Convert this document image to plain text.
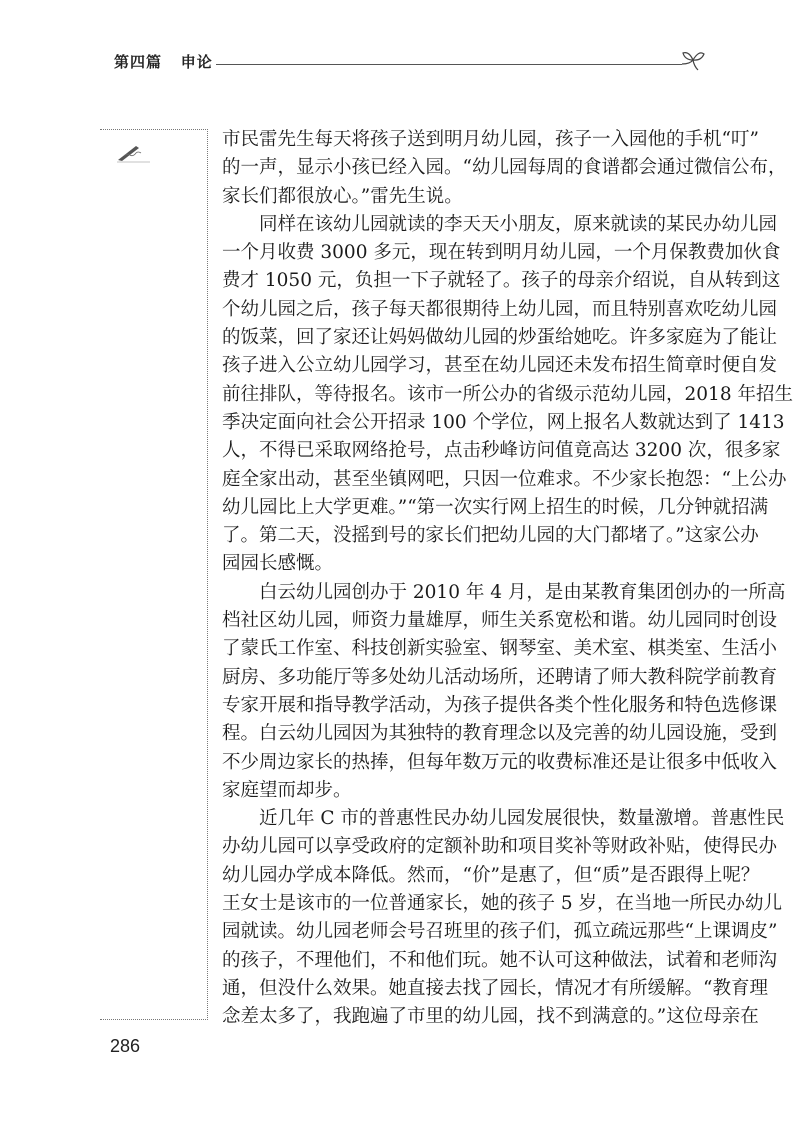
第四篇 申论
市民雷先生每天将孩子送到明月幼儿园，孩子一入园他的手机“叮”
的一声，显示小孩已经入园。“幼儿园每周的食谱都会通过微信公布，
家长们都很放心。”雷先生说。
同样在该幼儿园就读的李天天小朋友，原来就读的某民办幼儿园
一个月收费 3000 多元，现在转到明月幼儿园，一个月保教费加伙食
费才 1050 元，负担一下子就轻了。孩子的母亲介绍说，自从转到这
个幼儿园之后，孩子每天都很期待上幼儿园，而且特别喜欢吃幼儿园
的饭菜，回了家还让妈妈做幼儿园的炒蛋给她吃。许多家庭为了能让
孩子进入公立幼儿园学习，甚至在幼儿园还未发布招生简章时便自发
前往排队，等待报名。该市一所公办的省级示范幼儿园，2018 年招生
季决定面向社会公开招录 100 个学位，网上报名人数就达到了 1413
人，不得已采取网络抢号，点击秒峰访问值竟高达 3200 次，很多家
庭全家出动，甚至坐镇网吧，只因一位难求。不少家长抱怨：“上公办
幼儿园比上大学更难。”“第一次实行网上招生的时候，几分钟就招满
了。第二天，没摇到号的家长们把幼儿园的大门都堵了。”这家公办
园园长感慨。
白云幼儿园创办于 2010 年 4 月，是由某教育集团创办的一所高
档社区幼儿园，师资力量雄厚，师生关系宽松和谐。幼儿园同时创设
了蒙氏工作室、科技创新实验室、钢琴室、美术室、棋类室、生活小
厨房、多功能厅等多处幼儿活动场所，还聘请了师大教科院学前教育
专家开展和指导教学活动，为孩子提供各类个性化服务和特色选修课
程。白云幼儿园因为其独特的教育理念以及完善的幼儿园设施，受到
不少周边家长的热捧，但每年数万元的收费标准还是让很多中低收入
家庭望而却步。
近几年 C 市的普惠性民办幼儿园发展很快，数量激增。普惠性民
办幼儿园可以享受政府的定额补助和项目奖补等财政补贴，使得民办
幼儿园办学成本降低。然而，“价”是惠了，但“质”是否跟得上呢？
王女士是该市的一位普通家长，她的孩子 5 岁，在当地一所民办幼儿
园就读。幼儿园老师会号召班里的孩子们，孤立疏远那些“上课调皮”
的孩子，不理他们，不和他们玩。她不认可这种做法，试着和老师沟
通，但没什么效果。她直接去找了园长，情况才有所缓解。“教育理
念差太多了，我跑遍了市里的幼儿园，找不到满意的。”这位母亲在
286
